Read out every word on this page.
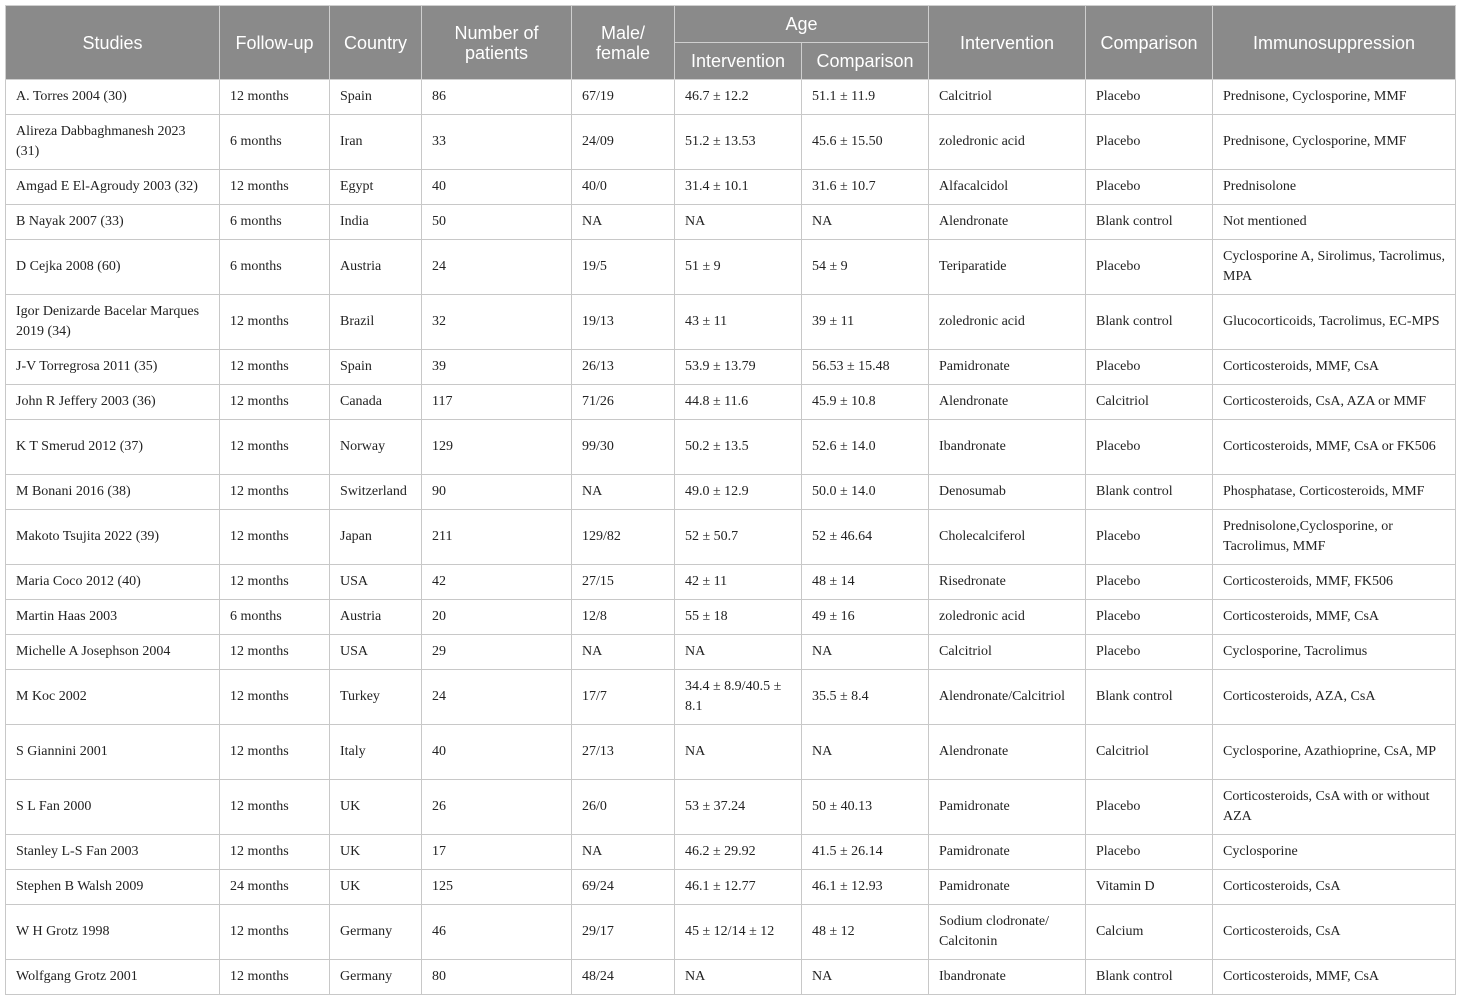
Studies	Follow-up	Country	Number of patients	Male/ female	Age		Intervention	Comparison	Immunosuppression
					Intervention	Comparison			
A. Torres 2004 (30)	12 months	Spain	86	67/19	46.7 ± 12.2	51.1 ± 11.9	Calcitriol	Placebo	Prednisone, Cyclosporine, MMF
Alireza Dabbaghmanesh 2023 (31)	6 months	Iran	33	24/09	51.2 ± 13.53	45.6 ± 15.50	zoledronic acid	Placebo	Prednisone, Cyclosporine, MMF
Amgad E El-Agroudy 2003 (32)	12 months	Egypt	40	40/0	31.4 ± 10.1	31.6 ± 10.7	Alfacalcidol	Placebo	Prednisolone
B Nayak 2007 (33)	6 months	India	50	NA	NA	NA	Alendronate	Blank control	Not mentioned
D Cejka 2008 (60)	6 months	Austria	24	19/5	51 ± 9	54 ± 9	Teriparatide	Placebo	Cyclosporine A, Sirolimus, Tacrolimus, MPA
Igor Denizarde Bacelar Marques 2019 (34)	12 months	Brazil	32	19/13	43 ± 11	39 ± 11	zoledronic acid	Blank control	Glucocorticoids, Tacrolimus, EC-MPS
J-V Torregrosa 2011 (35)	12 months	Spain	39	26/13	53.9 ± 13.79	56.53 ± 15.48	Pamidronate	Placebo	Corticosteroids, MMF, CsA
John R Jeffery 2003 (36)	12 months	Canada	117	71/26	44.8 ± 11.6	45.9 ± 10.8	Alendronate	Calcitriol	Corticosteroids, CsA, AZA or MMF
K T Smerud 2012 (37)	12 months	Norway	129	99/30	50.2 ± 13.5	52.6 ± 14.0	Ibandronate	Placebo	Corticosteroids, MMF, CsA or FK506
M Bonani 2016 (38)	12 months	Switzerland	90	NA	49.0 ± 12.9	50.0 ± 14.0	Denosumab	Blank control	Phosphatase, Corticosteroids, MMF
Makoto Tsujita 2022 (39)	12 months	Japan	211	129/82	52 ± 50.7	52 ± 46.64	Cholecalciferol	Placebo	Prednisolone,Cyclosporine, or Tacrolimus, MMF
Maria Coco 2012 (40)	12 months	USA	42	27/15	42 ± 11	48 ± 14	Risedronate	Placebo	Corticosteroids, MMF, FK506
Martin Haas 2003	6 months	Austria	20	12/8	55 ± 18	49 ± 16	zoledronic acid	Placebo	Corticosteroids, MMF, CsA
Michelle A Josephson 2004	12 months	USA	29	NA	NA	NA	Calcitriol	Placebo	Cyclosporine, Tacrolimus
M Koc 2002	12 months	Turkey	24	17/7	34.4 ± 8.9/40.5 ± 8.1	35.5 ± 8.4	Alendronate/Calcitriol	Blank control	Corticosteroids, AZA, CsA
S Giannini 2001	12 months	Italy	40	27/13	NA	NA	Alendronate	Calcitriol	Cyclosporine, Azathioprine, CsA, MP
S L Fan 2000	12 months	UK	26	26/0	53 ± 37.24	50 ± 40.13	Pamidronate	Placebo	Corticosteroids, CsA with or without AZA
Stanley L-S Fan 2003	12 months	UK	17	NA	46.2 ± 29.92	41.5 ± 26.14	Pamidronate	Placebo	Cyclosporine
Stephen B Walsh 2009	24 months	UK	125	69/24	46.1 ± 12.77	46.1 ± 12.93	Pamidronate	Vitamin D	Corticosteroids, CsA
W H Grotz 1998	12 months	Germany	46	29/17	45 ± 12/14 ± 12	48 ± 12	Sodium clodronate/ Calcitonin	Calcium	Corticosteroids, CsA
Wolfgang Grotz 2001	12 months	Germany	80	48/24	NA	NA	Ibandronate	Blank control	Corticosteroids, MMF, CsA
